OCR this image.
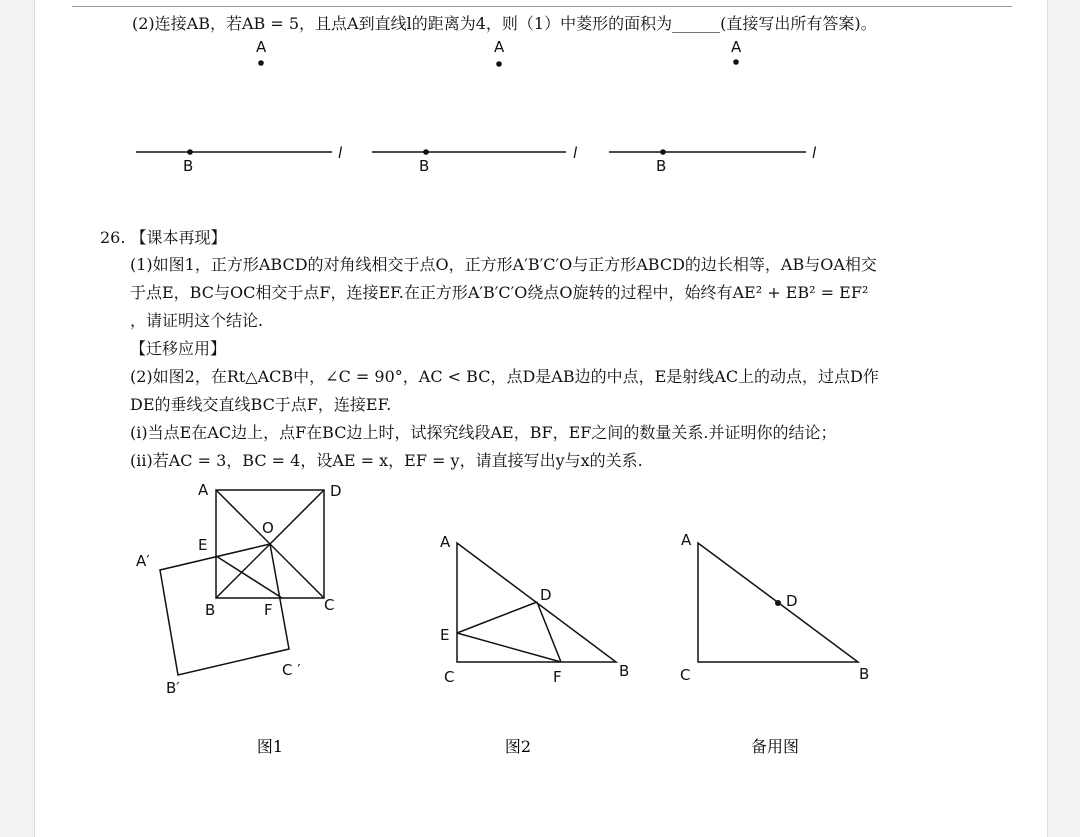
(2)连接AB，若AB = 5，且点A到直线l的距离为4，则（1）中菱形的面积为______(直接写出所有答案)。
A
B
l
A
B
l
A
B
l
26. 【课本再现】
(1)如图1，正方形ABCD的对角线相交于点O，正方形A′B′C′O与正方形ABCD的边长相等，AB与OA相交
于点E，BC与OC相交于点F，连接EF.在正方形A′B′C′O绕点O旋转的过程中，始终有AE² + EB² = EF²
，请证明这个结论.
【迁移应用】
(2)如图2，在Rt△ACB中，∠C = 90°，AC < BC，点D是AB边的中点，E是射线AC上的动点，过点D作
DE的垂线交直线BC于点F，连接EF.
(i)当点E在AC边上，点F在BC边上时，试探究线段AE，BF，EF之间的数量关系.并证明你的结论；
(ii)若AC = 3，BC = 4，设AE = x，EF = y，请直接写出y与x的关系.
A	D
O
E
A′
B	F	C
C ′
B′
图1
A
D
E
C	F	B
图2
A
D
C	B
备用图
